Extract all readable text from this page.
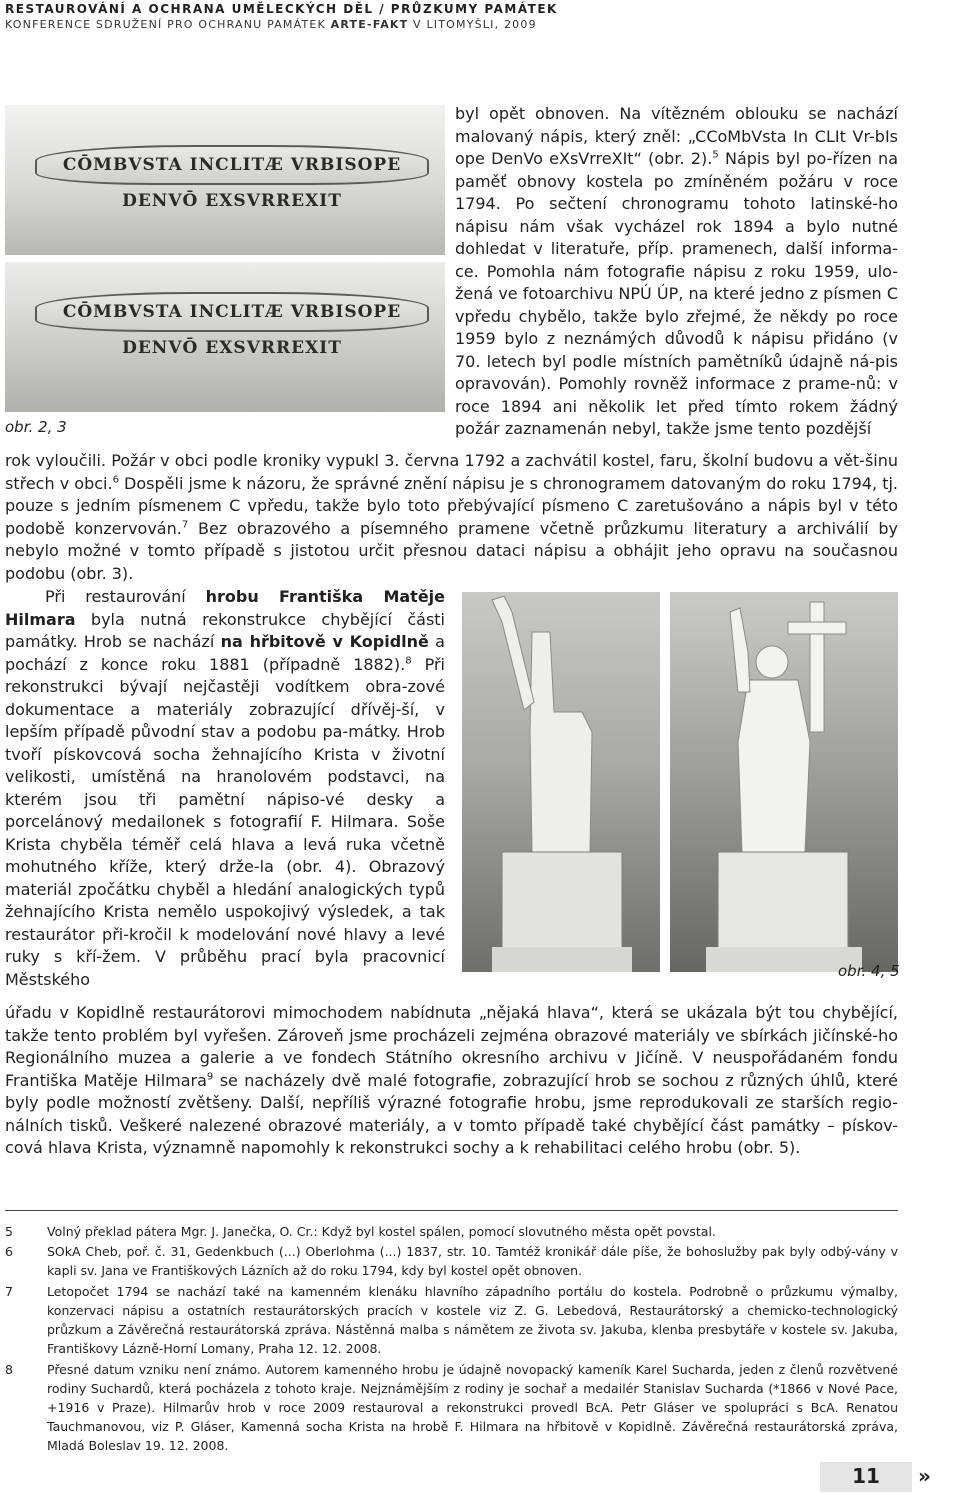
RESTAUROVÁNÍ A OCHRANA UMĚLECKÝCH DĚL / PRŮZKUMY PAMÁTEK
KONFERENCE SDRUŽENÍ PRO OCHRANU PAMÁTEK ARTE-FAKT V LITOMYŠLI, 2009
CŌMBVSTA INCLITÆ VRBISOPE DENVŌ EXSVRREXIT
CŌMBVSTA INCLITÆ VRBISOPE DENVŌ EXSVRREXIT
obr. 2, 3

byl opět obnoven. Na vítězném oblouku se nachází malovaný nápis, který zněl: „CCoMbVsta In CLIt Vr-bIs ope DenVo eXsVrreXIt“ (obr. 2).$^5$ Nápis byl po-řízen na paměť obnovy kostela po zmíněném požáru v roce 1794. Po sečtení chronogramu tohoto latinské-ho nápisu nám však vycházel rok 1894 a bylo nutné dohledat v literatuře, příp. pramenech, další informa-ce. Pomohla nám fotografie nápisu z roku 1959, ulo-žená ve fotoarchivu NPÚ ÚP, na které jedno z písmen C vpředu chybělo, takže bylo zřejmé, že někdy po roce 1959 bylo z neznámých důvodů k nápisu přidáno (v 70. letech byl podle místních pamětníků údajně ná-pis opravován). Pomohly rovněž informace z prame-nů: v roce 1894 ani několik let před tímto rokem žádný požár zaznamenán nebyl, takže jsme tento pozdější

rok vyloučili. Požár v obci podle kroniky vypukl 3. června 1792 a zachvátil kostel, faru, školní budovu a vět-šinu střech v obci.$^6$ Dospěli jsme k názoru, že správné znění nápisu je s chronogramem datovaným do roku 1794, tj. pouze s jedním písmenem C vpředu, takže bylo toto přebývající písmeno C zaretušováno a nápis byl v této podobě konzervován.$^7$ Bez obrazového a písemného pramene včetně průzkumu literatury a archiválií by nebylo možné v tomto případě s jistotou určit přesnou dataci nápisu a obhájit jeho opravu na současnou podobu (obr. 3).

Při restaurování hrobu Františka Matěje Hilmara byla nutná rekonstrukce chybějící části památky. Hrob se nachází na hřbitově v Kopidlně a pochází z konce roku 1881 (případně 1882).$^8$ Při rekonstrukci bývají nejčastěji vodítkem obra-zové dokumentace a materiály zobrazující dřívěj-ší, v lepším případě původní stav a podobu pa-mátky. Hrob tvoří pískovcová socha žehnajícího Krista v životní velikosti, umístěná na hranolovém podstavci, na kterém jsou tři pamětní nápiso-vé desky a porcelánový medailonek s fotografií F. Hilmara. Soše Krista chyběla téměř celá hlava a levá ruka včetně mohutného kříže, který drže-la (obr. 4). Obrazový materiál zpočátku chyběl a hledání analogických typů žehnajícího Krista nemělo uspokojivý výsledek, a tak restaurátor při-kročil k modelování nové hlavy a levé ruky s kří-žem. V průběhu prací byla pracovnicí Městského	obr. 4, 5

úřadu v Kopidlně restaurátorovi mimochodem nabídnuta „nějaká hlava“, která se ukázala být tou chybějící, takže tento problém byl vyřešen. Zároveň jsme procházeli zejména obrazové materiály ve sbírkách jičínské-ho Regionálního muzea a galerie a ve fondech Státního okresního archivu v Jičíně. V neuspořádaném fondu Františka Matěje Hilmara$^9$ se nacházely dvě malé fotografie, zobrazující hrob se sochou z různých úhlů, které byly podle možností zvětšeny. Další, nepříliš výrazné fotografie hrobu, jsme reprodukovali ze starších regio-nálních tisků. Veškeré nalezené obrazové materiály, a v tomto případě také chybějící část památky – pískov-cová hlava Krista, významně napomohly k rekonstrukci sochy a k rehabilitaci celého hrobu (obr. 5).

5	Volný překlad pátera Mgr. J. Janečka, O. Cr.: Když byl kostel spálen, pomocí slovutného města opět povstal.
6	SOkA Cheb, poř. č. 31, Gedenkbuch (...) Oberlohma (...) 1837, str. 10. Tamtéž kronikář dále píše, že bohoslužby pak byly odbý-vány v kapli sv. Jana ve Františkových Lázních až do roku 1794, kdy byl kostel opět obnoven.
7	Letopočet 1794 se nachází také na kamenném klenáku hlavního západního portálu do kostela. Podrobně o průzkumu výmalby, konzervaci nápisu a ostatních restaurátorských pracích v kostele viz Z. G. Lebedová, Restaurátorský a chemicko-technologický průzkum a Závěrečná restaurátorská zpráva. Nástěnná malba s námětem ze života sv. Jakuba, klenba presbytáře v kostele sv. Jakuba, Františkovy Lázně-Horní Lomany, Praha 12. 12. 2008.
8	Přesné datum vzniku není známo. Autorem kamenného hrobu je údajně novopacký kameník Karel Suchardа, jeden z členů rozvětvené rodiny Suchardů, která pocházela z tohoto kraje. Nejznámějším z rodiny je sochař a medailér Stanislav Sucharda (*1866 v Nové Pace, +1916 v Praze). Hilmarův hrob v roce 2009 restauroval a rekonstrukci provedl BcA. Petr Gláser ve spolupráci s BcA. Renatou Tauchmanovou, viz P. Gláser, Kamenná socha Krista na hrobě F. Hilmara na hřbitově v Kopidlně. Závěrečná restaurátorská zpráva, Mladá Boleslav 19. 12. 2008.
11	»
